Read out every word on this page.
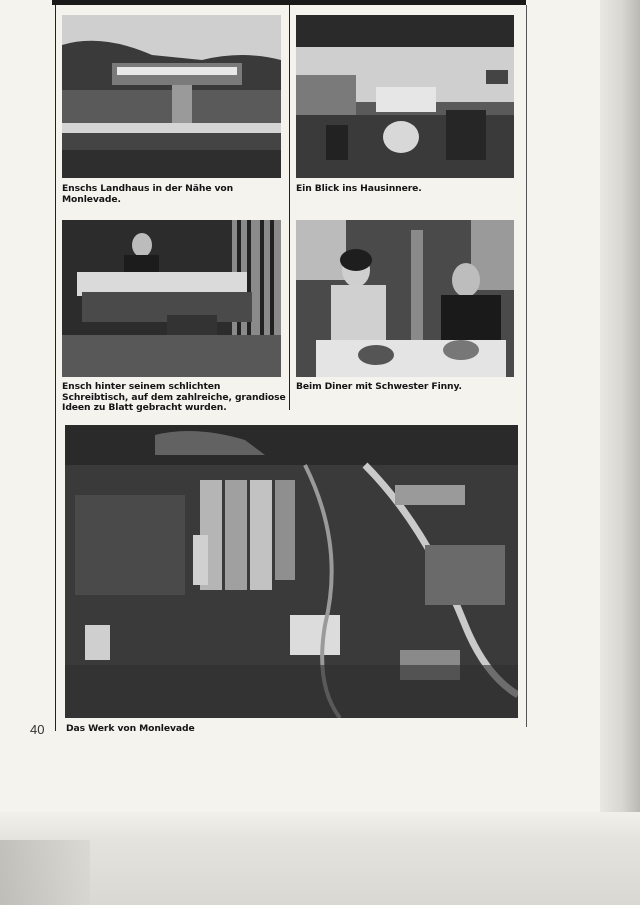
Enschs Landhaus in der Nähe von Monlevade.
Ein Blick ins Hausinnere.
Ensch hinter seinem schlichten Schreibtisch, auf dem zahlreiche, grandiose Ideen zu Blatt gebracht wurden.
Beim Diner mit Schwester Finny.
Das Werk von Monlevade
40
